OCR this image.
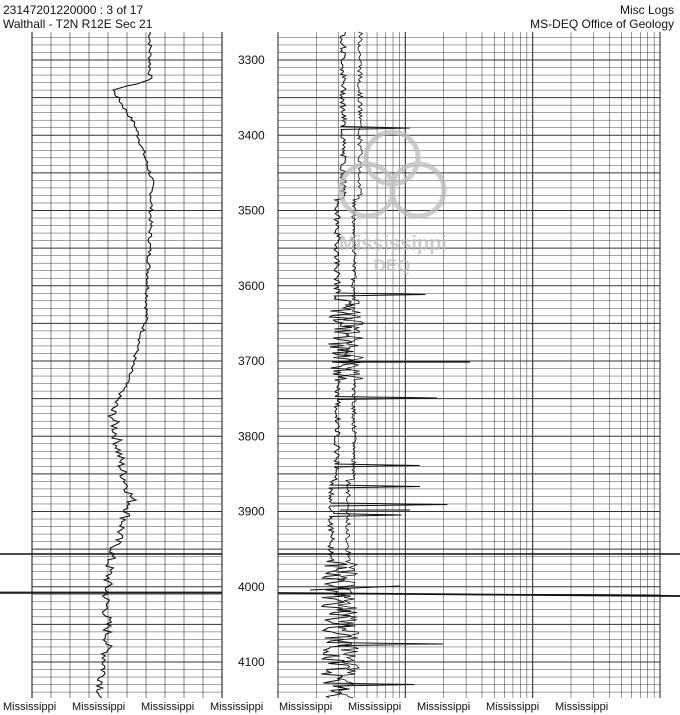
23147201220000 : 3 of 17
Walthall - T2N R12E Sec 21
Misc Logs
MS-DEQ Office of Geology
3300
3400
3500
3600
3700
3800
3900
4000
4100
Mississippi
DEQ
Mississippi Mississippi Mississippi Mississippi Mississippi Mississippi Mississippi Mississippi Mississippi
